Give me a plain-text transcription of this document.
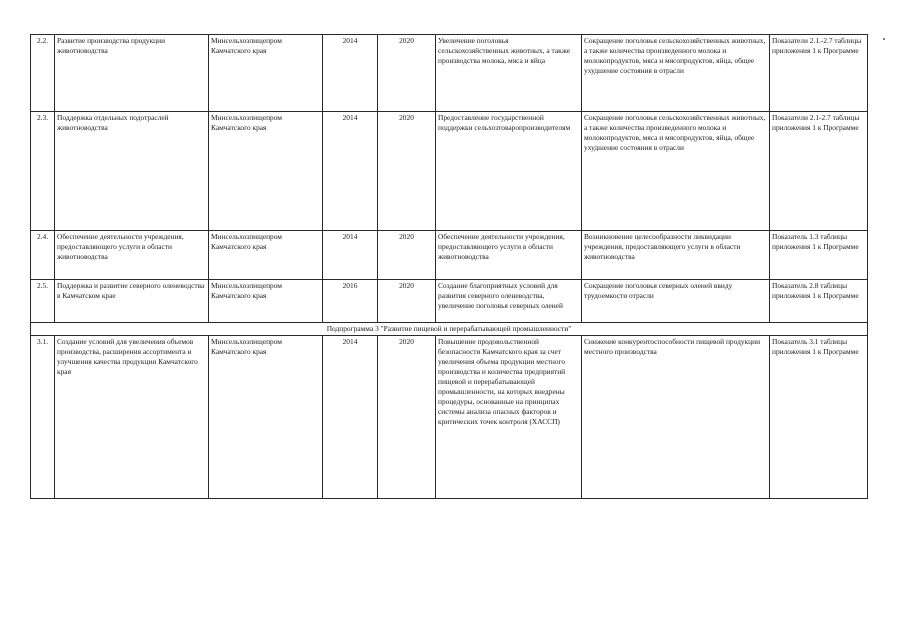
2.2.	Развитие производства продукции животноводства	Минсельхозпищепром Камчатского края	2014	2020	Увеличение поголовья сельскохозяйственных животных, а также производства молока, мяса и яйца	Сокращение поголовья сельскохозяйственных животных, а также количества произведенного молока и молокопродуктов, мяса и мясопродуктов, яйца, общее ухудшение состояния в отрасли	Показатели 2.1.-2.7 таблицы приложения 1 к Программе
2.3.	Поддержка отдельных подотраслей животноводства	Минсельхозпищепром Камчатского края	2014	2020	Предоставление государственной поддержки сельхозтоваропроизводителям	Сокращение поголовья сельскохозяйственных животных, а также количества произведенного молока и молокопродуктов, мяса и мясопродуктов, яйца, общее ухудшение состояния в отрасли	Показатели 2.1-2.7 таблицы приложения 1 к Программе
2.4.	Обеспечение деятельности учреждения, предоставляющего услуги в области животноводства	Минсельхозпищепром Камчатского края	2014	2020	Обеспечение деятельности учреждения, предоставляющего услуги в области животноводства	Возникновение целесообразности ликвидации учреждения, предоставляющего услуги в области животноводства	Показатель 1.3 таблицы приложения 1 к Программе
2.5.	Поддержка и развитие северного оленеводства в Камчатском крае	Минсельхозпищепром Камчатского края	2016	2020	Создание благоприятных условий для развития северного оленеводства, увеличение поголовья северных оленей	Сокращение поголовья северных оленей ввиду трудоемкости отрасли	Показатель 2.8 таблицы приложения 1 к Программе
Подпрограмма 3 "Развитие пищевой и перерабатывающей промышленности"							
3.1.	Создание условий для увеличения объемов производства, расширения ассортимента и улучшения качества продукции Камчатского края	Минсельхозпищепром Камчатского края	2014	2020	Повышение продовольственной безопасности Камчатского края за счет увеличения объема продукции местного производства и количества предприятий пищевой и перерабатывающей промышленности, на которых внедрены процедуры, основанные на принципах системы анализа опасных факторов и критических точек контроля (ХАССП)	Снижение конкурентоспособности пищевой продукции местного производства	Показатель 3.1 таблицы приложения 1 к Программе
